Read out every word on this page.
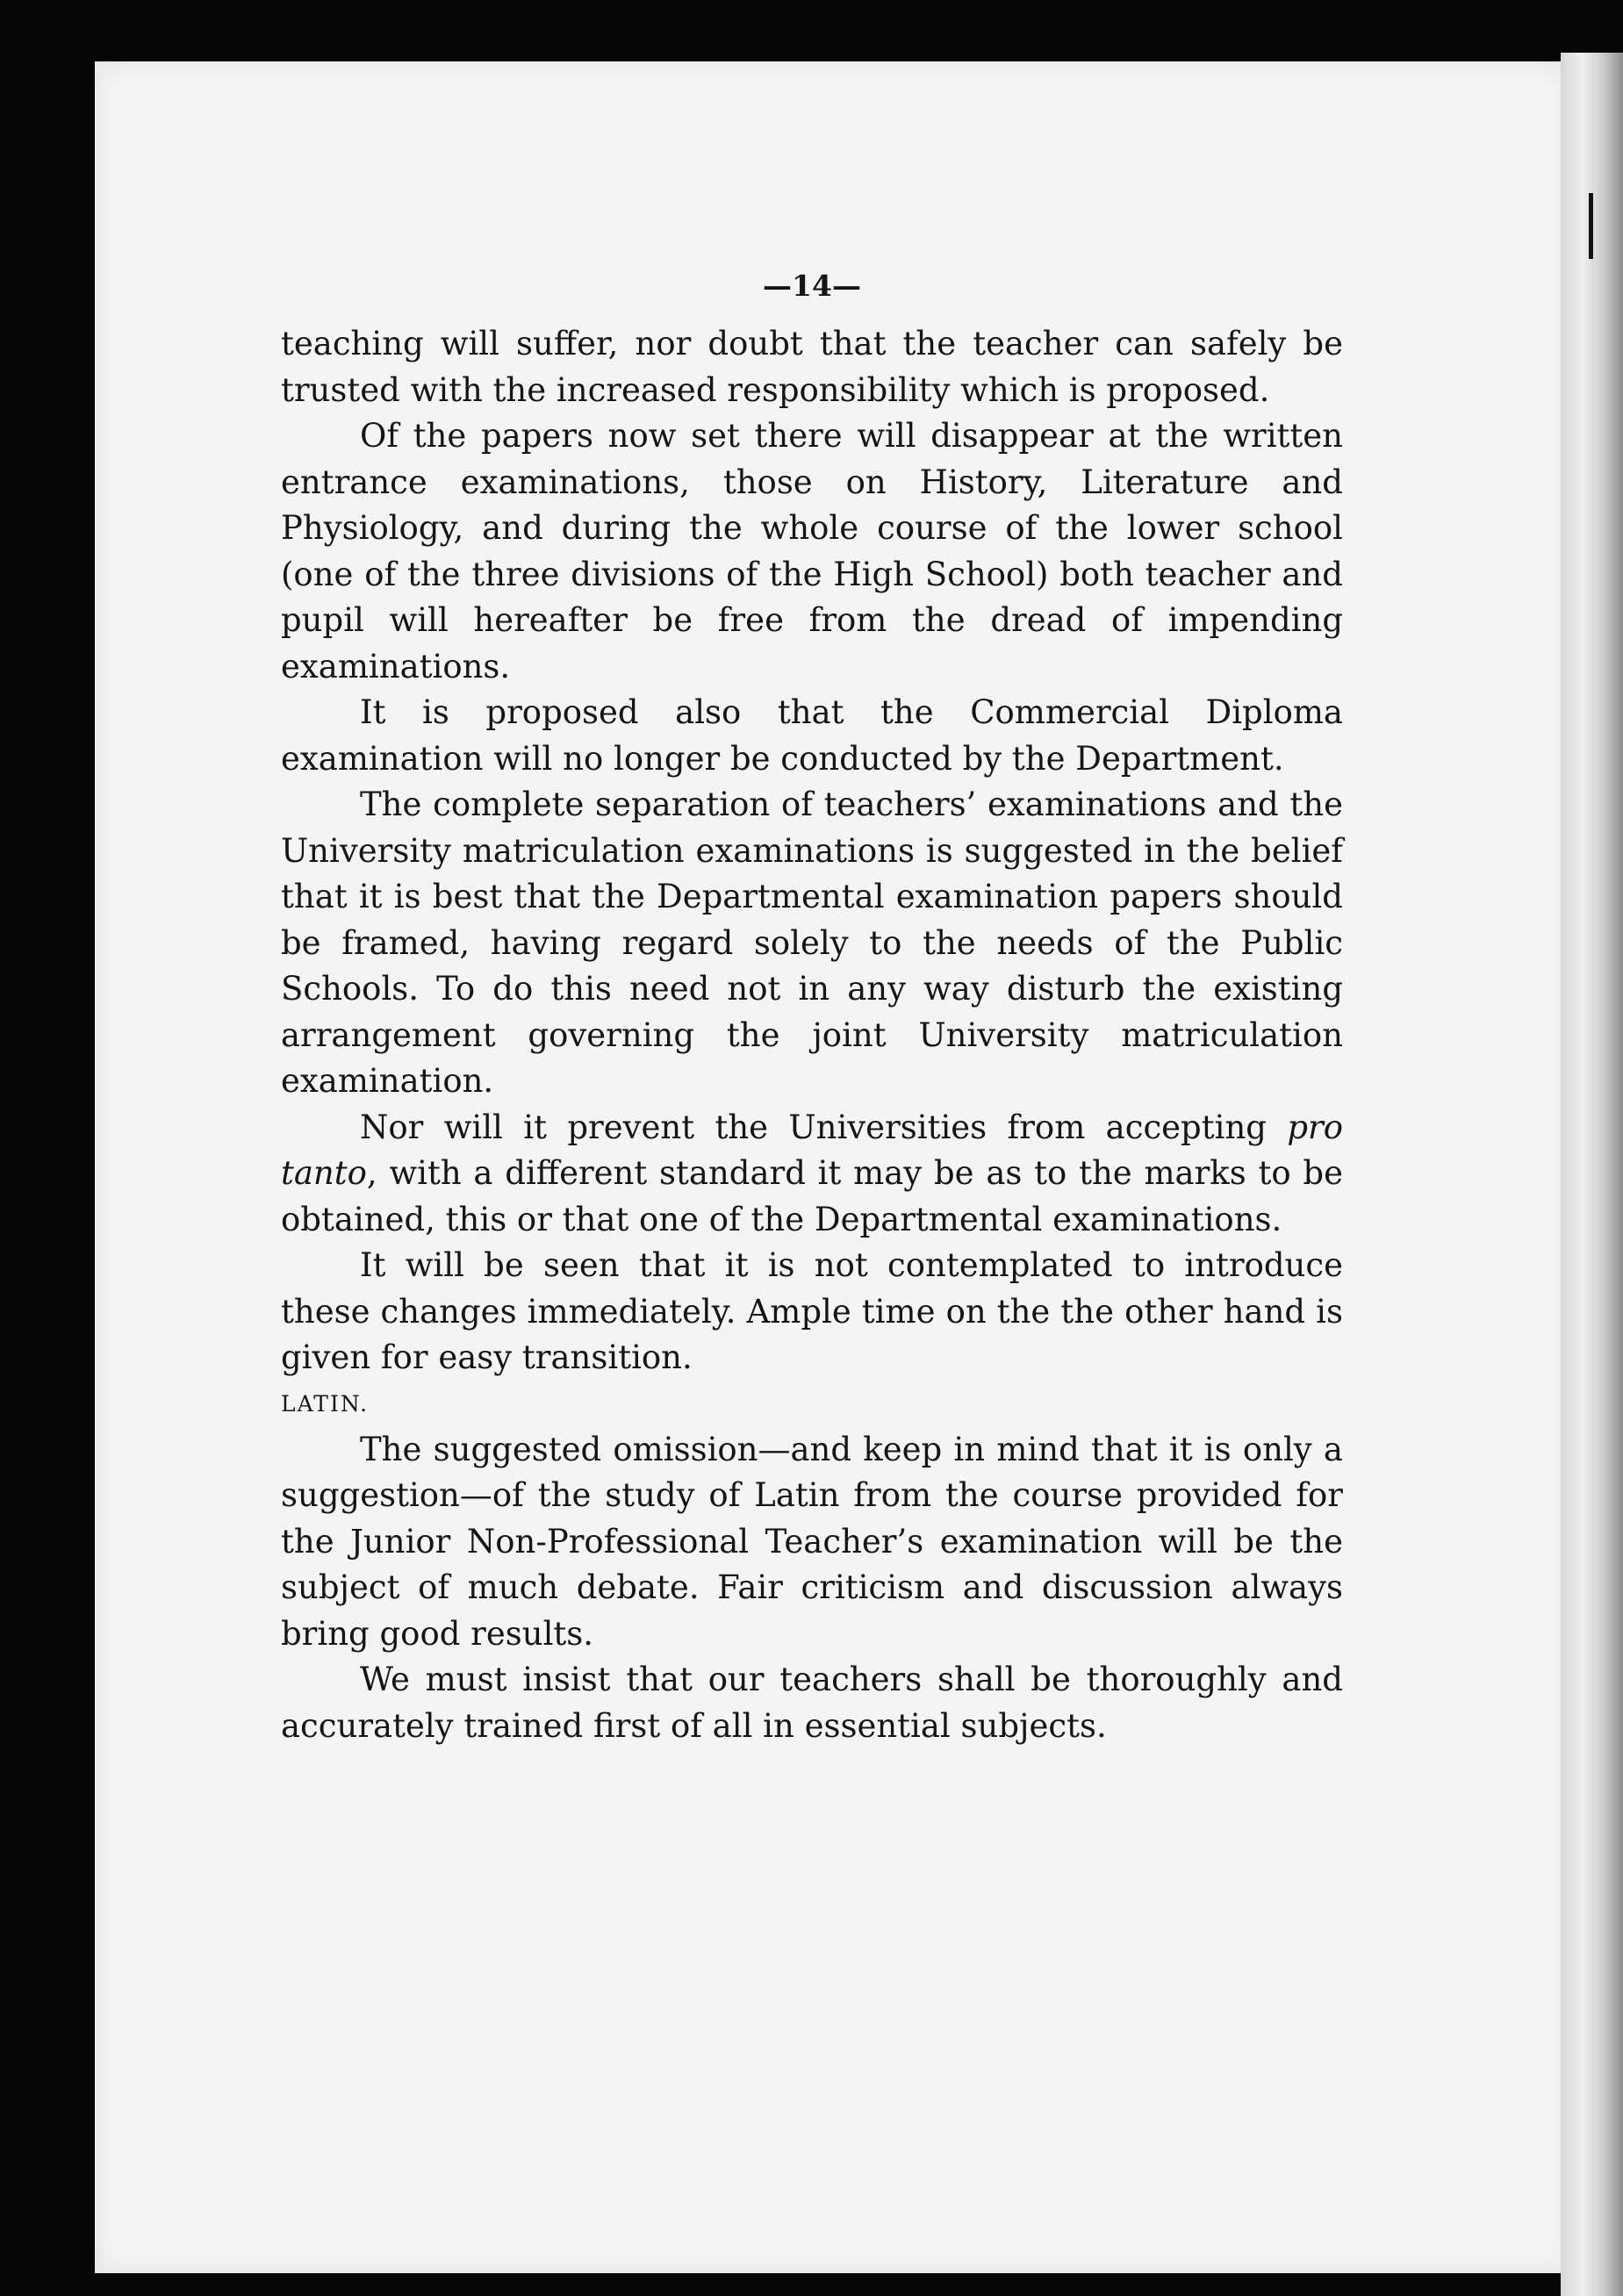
—14—

teaching will suffer, nor doubt that the teacher can safely be trusted with the increased responsibility which is proposed.

Of the papers now set there will disappear at the written entrance examinations, those on History, Literature and Physiology, and during the whole course of the lower school (one of the three divisions of the High School) both teacher and pupil will hereafter be free from the dread of impending examinations.

It is proposed also that the Commercial Diploma examination will no longer be conducted by the Department.

The complete separation of teachers’ examinations and the University matriculation examinations is suggested in the belief that it is best that the Departmental examination papers should be framed, having regard solely to the needs of the Public Schools. To do this need not in any way disturb the existing arrangement governing the joint University matriculation examination.

Nor will it prevent the Universities from accepting pro tanto, with a different standard it may be as to the marks to be obtained, this or that one of the Departmental examinations.

It will be seen that it is not contemplated to introduce these changes immediately. Ample time on the the other hand is given for easy transition.

LATIN.

The suggested omission—and keep in mind that it is only a suggestion—of the study of Latin from the course provided for the Junior Non-Professional Teacher’s examination will be the subject of much debate. Fair criticism and discussion always bring good results.

We must insist that our teachers shall be thoroughly and accurately trained first of all in essential subjects.
